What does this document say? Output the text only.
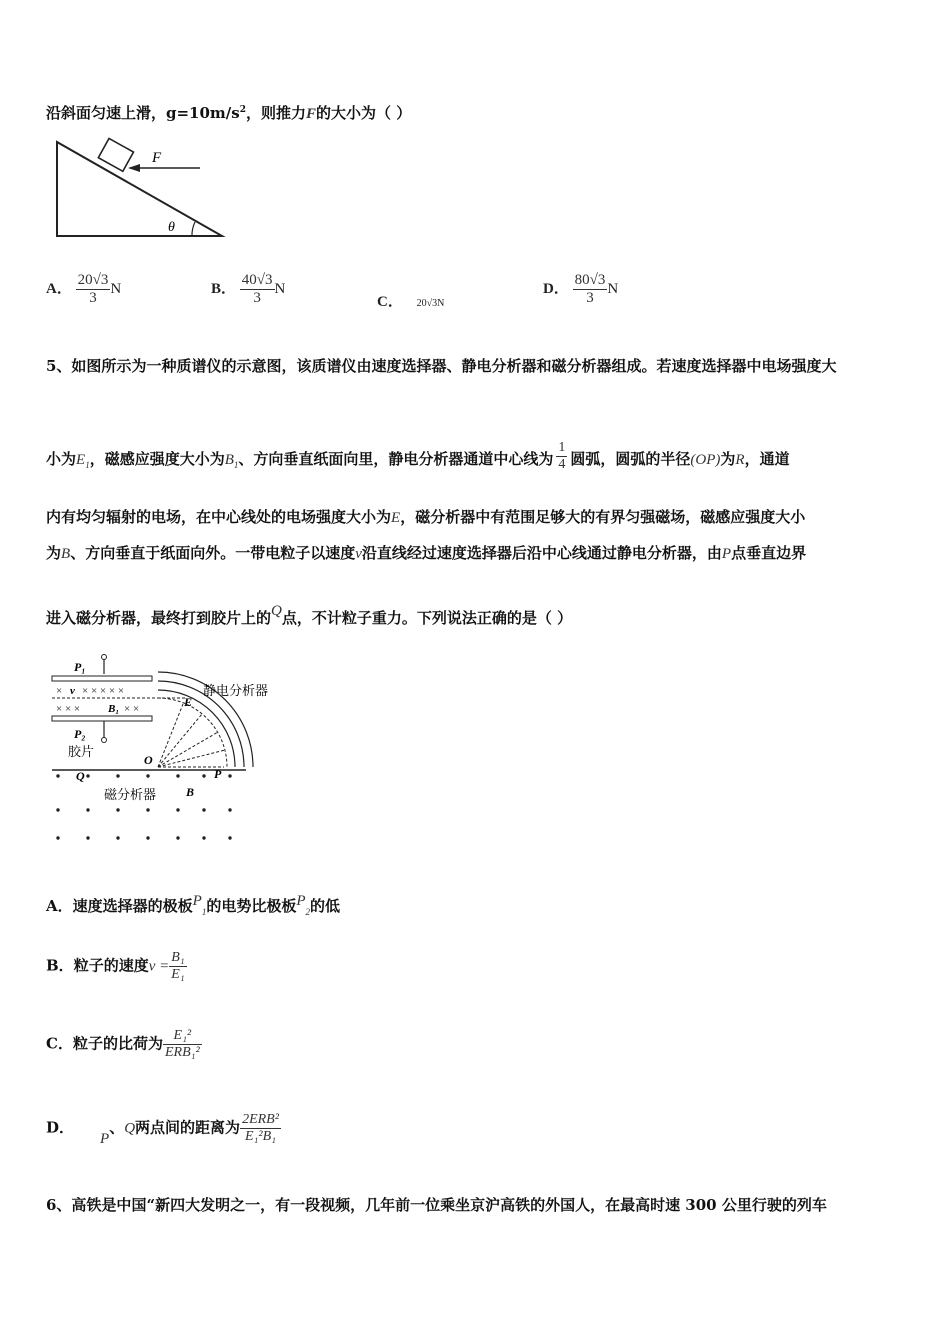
沿斜面匀速上滑，$g=10m/s^2$，则推力F的大小为（ ）
F
θ
A． $\frac{20√3}{3}$ N	B． $\frac{40√3}{3}$ N
C． 20√3N
D． $\frac{80√3}{3}$ N
5、如图所示为一种质谱仪的示意图，该质谱仪由速度选择器、静电分析器和磁分析器组成。若速度选择器中电场强度大
小为$E_1$，磁感应强度大小为$B_1$、方向垂直纸面向里，静电分析器通道中心线为 $\frac{1}{4}$ 圆弧，圆弧的半径(OP)为R，通道
内有均匀辐射的电场，在中心线处的电场强度大小为E，磁分析器中有范围足够大的有界匀强磁场，磁感应强度大小
为B、方向垂直于纸面向外。一带电粒子以速度v沿直线经过速度选择器后沿中心线通过静电分析器，由P点垂直边界
进入磁分析器，最终打到胶片上的Q点，不计粒子重力。下列说法正确的是（ ）
P₁
× v × × × × ×
× × ×	B₁ × ×
P₂
胶片
E
静电分析器
O
Q	P
磁分析器 B
A．速度选择器的极板$P_1$的电势比极板$P_2$的低
B．粒子的速度$v = \frac{\text{B₁}}{\text{E₁}}$
C．粒子的比荷为 $\frac{\text{E₁²}}{\text{ERB₁²}}$
D．P、Q两点间的距离为 $\frac{\text{2ERB²}}{\text{E₁²B₁}}$
6、高铁是中国“新四大发明之一，有一段视频，几年前一位乘坐京沪高铁的外国人，在最高时速 300 公里行驶的列车
